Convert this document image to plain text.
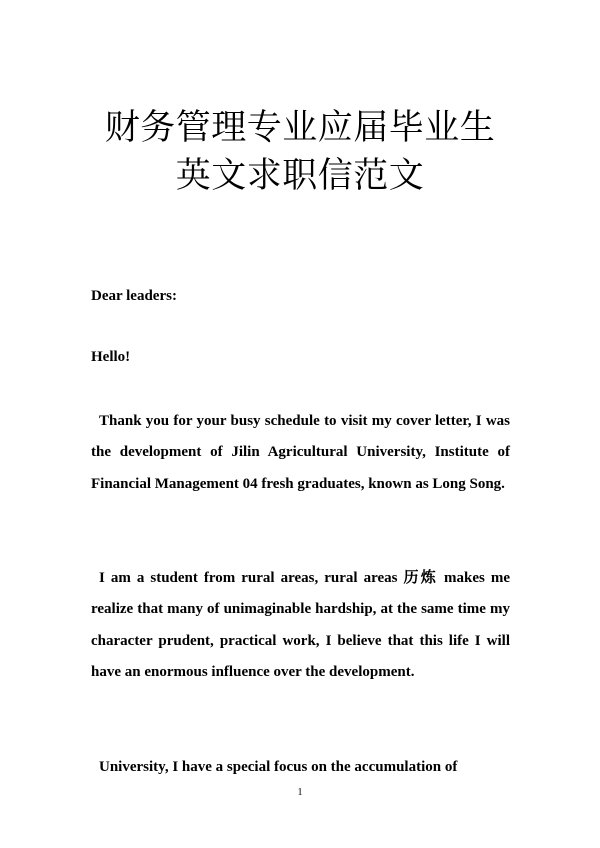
财务管理专业应届毕业生
英文求职信范文
Dear leaders:
Hello!

Thank you for your busy schedule to visit my cover letter, I was the development of Jilin Agricultural University, Institute of Financial Management 04 fresh graduates, known as Long Song.

I am a student from rural areas, rural areas 历炼 makes me realize that many of unimaginable hardship, at the same time my character prudent, practical work, I believe that this life I will have an enormous influence over the development.

University, I have a special focus on the accumulation of

1
